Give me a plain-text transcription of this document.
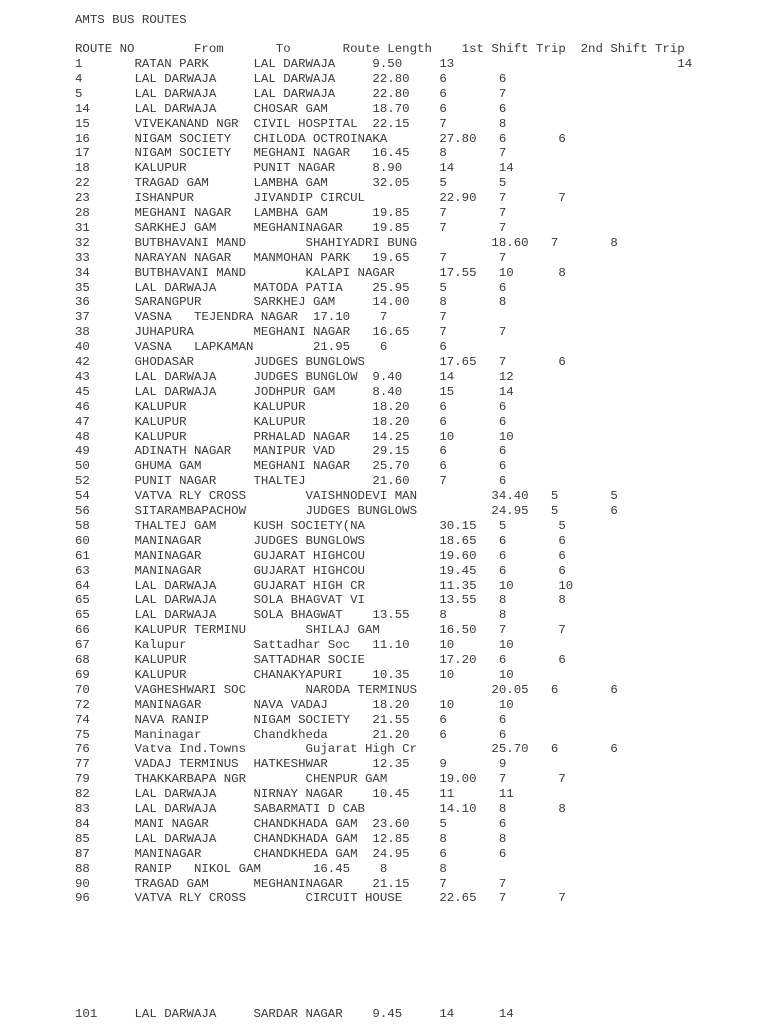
AMTS BUS ROUTES
ROUTE NO        From       To       Route Length    1st Shift Trip  2nd Shift Trip
1       RATAN PARK      LAL DARWAJA     9.50     13                              14
4       LAL DARWAJA     LAL DARWAJA     22.80    6       6
5       LAL DARWAJA     LAL DARWAJA     22.80    6       7
14      LAL DARWAJA     CHOSAR GAM      18.70    6       6
15      VIVEKANAND NGR  CIVIL HOSPITAL  22.15    7       8
16      NIGAM SOCIETY   CHILODA OCTROINAKA       27.80   6       6
17      NIGAM SOCIETY   MEGHANI NAGAR   16.45    8       7
18      KALUPUR         PUNIT NAGAR     8.90     14      14
22      TRAGAD GAM      LAMBHA GAM      32.05    5       5
23      ISHANPUR        JIVANDIP CIRCUL          22.90   7       7
28      MEGHANI NAGAR   LAMBHA GAM      19.85    7       7
31      SARKHEJ GAM     MEGHANINAGAR    19.85    7       7
32      BUTBHAVANI MAND        SHAHIYADRI BUNG          18.60   7       8
33      NARAYAN NAGAR   MANMOHAN PARK   19.65    7       7
34      BUTBHAVANI MAND        KALAPI NAGAR      17.55   10      8
35      LAL DARWAJA     MATODA PATIA    25.95    5       6
36      SARANGPUR       SARKHEJ GAM     14.00    8       8
37      VASNA   TEJENDRA NAGAR  17.10    7       7
38      JUHAPURA        MEGHANI NAGAR   16.65    7       7
40      VASNA   LAPKAMAN        21.95    6       6
42      GHODASAR        JUDGES BUNGLOWS          17.65   7       6
43      LAL DARWAJA     JUDGES BUNGLOW  9.40     14      12
45      LAL DARWAJA     JODHPUR GAM     8.40     15      14
46      KALUPUR         KALUPUR         18.20    6       6
47      KALUPUR         KALUPUR         18.20    6       6
48      KALUPUR         PRHALAD NAGAR   14.25    10      10
49      ADINATH NAGAR   MANIPUR VAD     29.15    6       6
50      GHUMA GAM       MEGHANI NAGAR   25.70    6       6
52      PUNIT NAGAR     THALTEJ         21.60    7       6
54      VATVA RLY CROSS        VAISHNODEVI MAN          34.40   5       5
56      SITARAMBAPACHOW        JUDGES BUNGLOWS          24.95   5       6
58      THALTEJ GAM     KUSH SOCIETY(NA          30.15   5       5
60      MANINAGAR       JUDGES BUNGLOWS          18.65   6       6
61      MANINAGAR       GUJARAT HIGHCOU          19.60   6       6
63      MANINAGAR       GUJARAT HIGHCOU          19.45   6       6
64      LAL DARWAJA     GUJARAT HIGH CR          11.35   10      10
65      LAL DARWAJA     SOLA BHAGVAT VI          13.55   8       8
65      LAL DARWAJA     SOLA BHAGWAT    13.55    8       8
66      KALUPUR TERMINU        SHILAJ GAM        16.50   7       7
67      Kalupur         Sattadhar Soc   11.10    10      10
68      KALUPUR         SATTADHAR SOCIE          17.20   6       6
69      KALUPUR         CHANAKYAPURI    10.35    10      10
70      VAGHESHWARI SOC        NARODA TERMINUS          20.05   6       6
72      MANINAGAR       NAVA VADAJ      18.20    10      10
74      NAVA RANIP      NIGAM SOCIETY   21.55    6       6
75      Maninagar       Chandkheda      21.20    6       6
76      Vatva Ind.Towns        Gujarat High Cr          25.70   6       6
77      VADAJ TERMINUS  HATKESHWAR      12.35    9       9
79      THAKKARBAPA NGR        CHENPUR GAM       19.00   7       7
82      LAL DARWAJA     NIRNAY NAGAR    10.45    11      11
83      LAL DARWAJA     SABARMATI D CAB          14.10   8       8
84      MANI NAGAR      CHANDKHADA GAM  23.60    5       6
85      LAL DARWAJA     CHANDKHADA GAM  12.85    8       8
87      MANINAGAR       CHANDKHEDA GAM  24.95    6       6
88      RANIP   NIKOL GAM       16.45    8       8
90      TRAGAD GAM      MEGHANINAGAR    21.15    7       7
96      VATVA RLY CROSS        CIRCUIT HOUSE     22.65   7       7
101     LAL DARWAJA     SARDAR NAGAR    9.45     14      14
